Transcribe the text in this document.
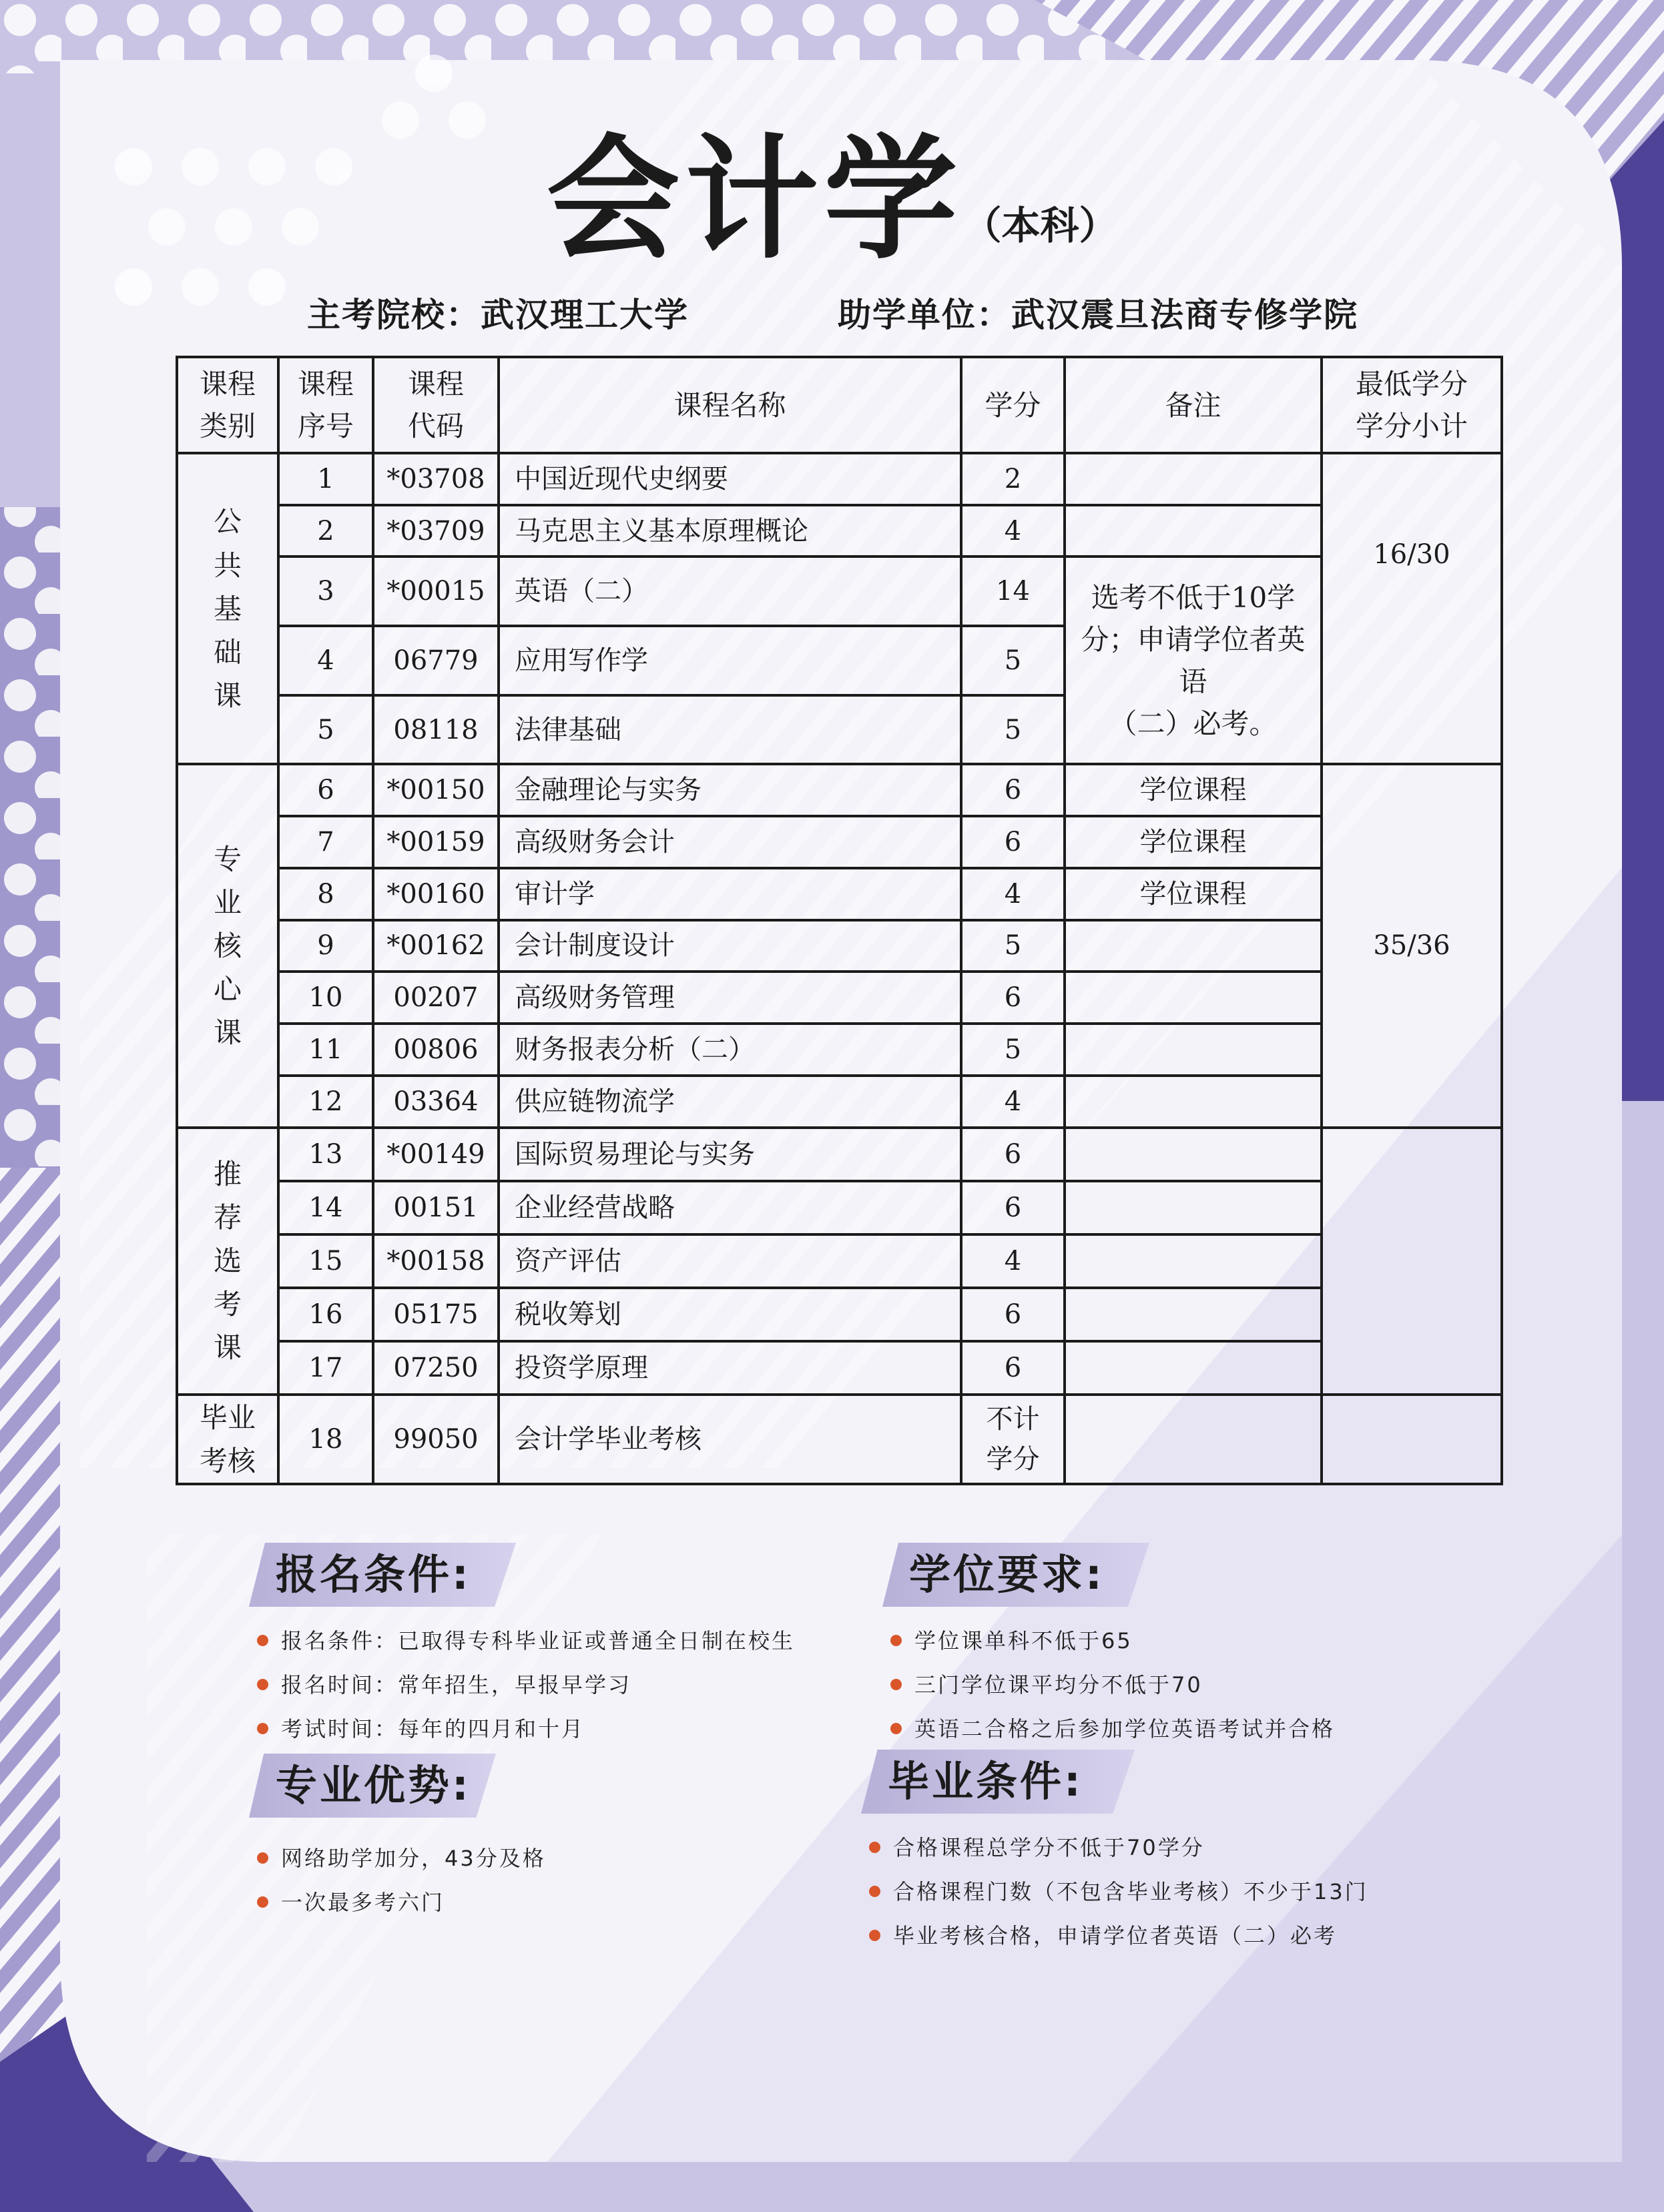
会计学（本科）
主考院校：武汉理工大学	助学单位：武汉震旦法商专修学院
课程类别	课程序号	课程代码	课程名称	学分	备注	最低学分学分小计

公
共
基
础
课	1	*03708	中国近现代史纲要	2		16/30
	2	*03709	马克思主义基本原理概论	4		
	3	*00015	英语（二）	14	选考不低于10学
分；申请学位者英语
（二）必考。	

	4	06779	应用写作学	5		
	5	08118	法律基础	5		

专
业
核
心
课	6	*00150	金融理论与实务	6	学位课程	35/36
	7	*00159	高级财务会计	6	学位课程	
	8	*00160	审计学	4	学位课程	
	9	*00162	会计制度设计	5		
	10	00207	高级财务管理	6		
	11	00806	财务报表分析（二）	5		
	12	03364	供应链物流学	4		

推
荐
选
考
课	13	*00149	国际贸易理论与实务	6		
	14	00151	企业经营战略	6		
	15	*00158	资产评估	4		
	16	05175	税收筹划	6		
	17	07250	投资学原理	6		

毕业
考核	18	99050	会计学毕业考核	不计学分		
报名条件:
报名条件：已取得专科毕业证或普通全日制在校生
报名时间：常年招生，早报早学习
考试时间：每年的四月和十月
专业优势:
网络助学加分，43分及格
一次最多考六门
学位要求:
学位课单科不低于65
三门学位课平均分不低于70
英语二合格之后参加学位英语考试并合格
毕业条件:
合格课程总学分不低于70学分
合格课程门数（不包含毕业考核）不少于13门
毕业考核合格，申请学位者英语（二）必考
